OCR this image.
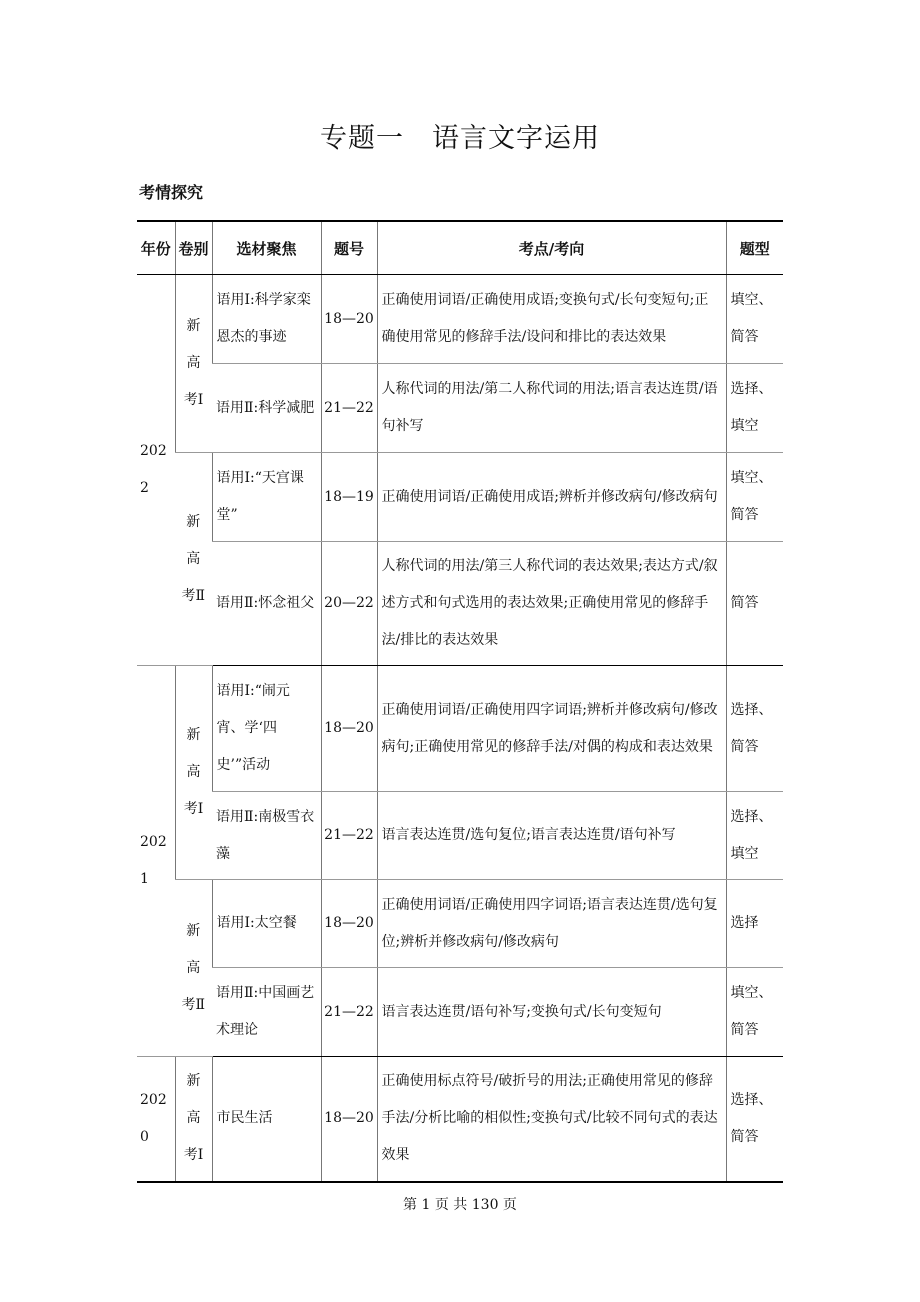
专题一　语言文字运用
考情探究
年份	卷别	选材聚焦	题号	考点/考向	题型
2022	新高考Ⅰ	语用Ⅰ:科学家栾恩杰的事迹	18—20	正确使用词语/正确使用成语;变换句式/长句变短句;正确使用常见的修辞手法/设问和排比的表达效果	填空、简答
		语用Ⅱ:科学减肥	21—22	人称代词的用法/第二人称代词的用法;语言表达连贯/语句补写	选择、填空
	新高考Ⅱ	语用Ⅰ:“天宫课堂”	18—19	正确使用词语/正确使用成语;辨析并修改病句/修改病句	填空、简答
		语用Ⅱ:怀念祖父	20—22	人称代词的用法/第三人称代词的表达效果;表达方式/叙述方式和句式选用的表达效果;正确使用常见的修辞手法/排比的表达效果	简答
2021	新高考Ⅰ	语用Ⅰ:“闹元宵、学‘四史’”活动	18—20	正确使用词语/正确使用四字词语;辨析并修改病句/修改病句;正确使用常见的修辞手法/对偶的构成和表达效果	选择、简答
		语用Ⅱ:南极雪衣藻	21—22	语言表达连贯/选句复位;语言表达连贯/语句补写	选择、填空
	新高考Ⅱ	语用Ⅰ:太空餐	18—20	正确使用词语/正确使用四字词语;语言表达连贯/选句复位;辨析并修改病句/修改病句	选择
		语用Ⅱ:中国画艺术理论	21—22	语言表达连贯/语句补写;变换句式/长句变短句	填空、简答
2020	新高考Ⅰ	市民生活	18—20	正确使用标点符号/破折号的用法;正确使用常见的修辞手法/分析比喻的相似性;变换句式/比较不同句式的表达效果	选择、简答
第 1 页 共 130 页
